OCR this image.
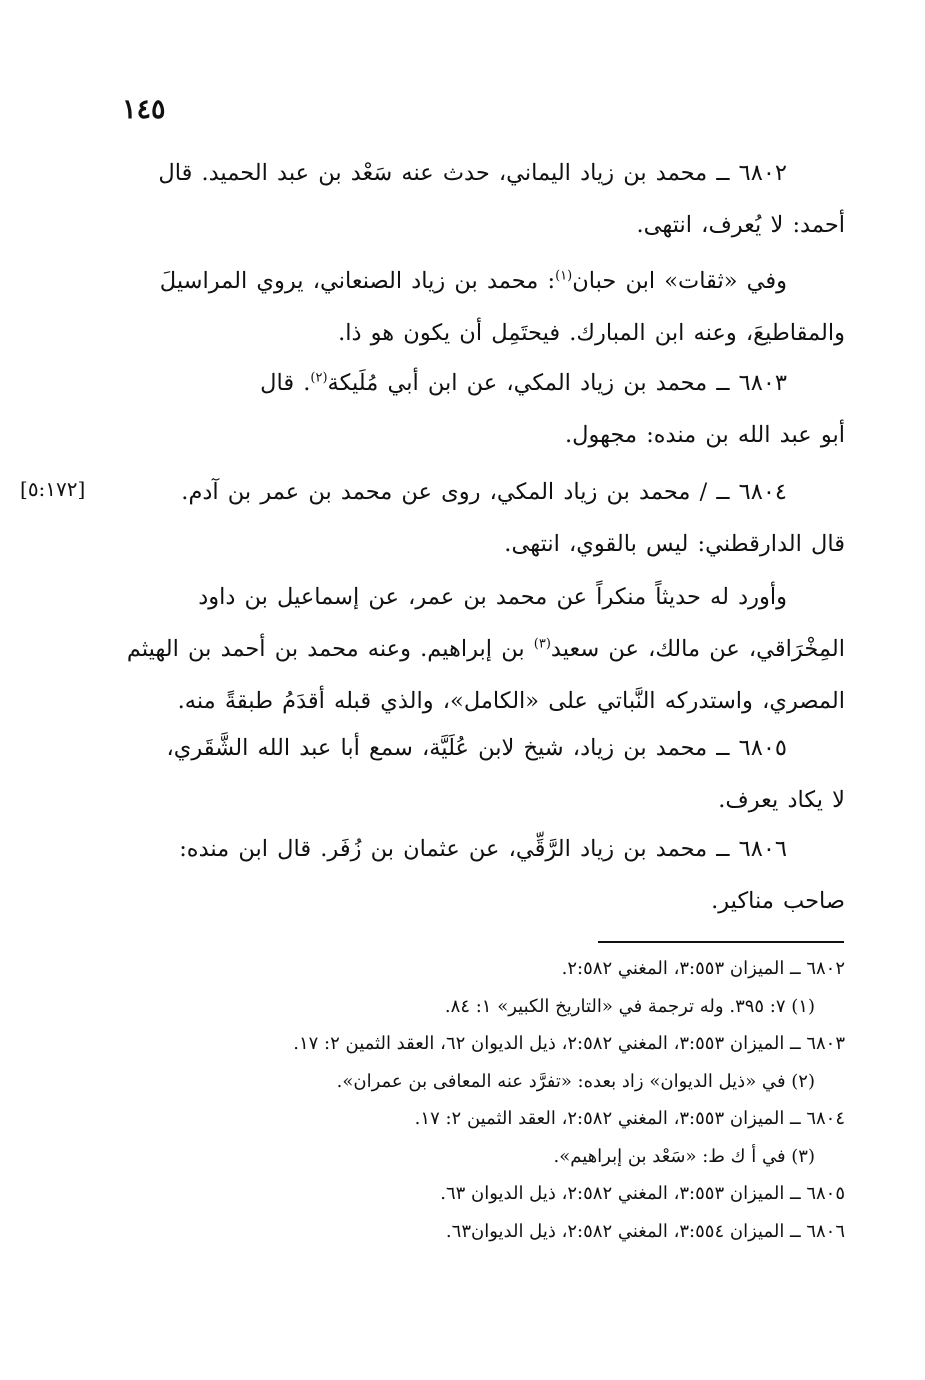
١٤٥
٦٨٠٢ ــ محمد بن زياد اليماني، حدث عنه سَعْد بن عبد الحميد. قال
أحمد: لا يُعرف، انتهى.
وفي «ثقات» ابن حبان$^{(١)}$: محمد بن زياد الصنعاني، يروي المراسيلَ
والمقاطيعَ، وعنه ابن المبارك. فيحتَمِل أن يكون هو ذا.
٦٨٠٣ ــ محمد بن زياد المكي، عن ابن أبي مُلَيكة$^{(٢)}$. قال
أبو عبد الله بن منده: مجهول.
٦٨٠٤ ــ / محمد بن زياد المكي، روى عن محمد بن عمر بن آدم.
قال الدارقطني: ليس بالقوي، انتهى.
[٥:١٧٢]
وأورد له حديثاً منكراً عن محمد بن عمر، عن إسماعيل بن داود
المِخْرَاقي، عن مالك، عن سعيد$^{(٣)}$ بن إبراهيم. وعنه محمد بن أحمد بن الهيثم
المصري، واستدركه النَّباتي على «الكامل»، والذي قبله أقدَمُ طبقةً منه.
٦٨٠٥ ــ محمد بن زياد، شيخ لابن عُلَيَّة، سمع أبا عبد الله الشَّقَري،
لا يكاد يعرف.
٦٨٠٦ ــ محمد بن زياد الرَّقِّي، عن عثمان بن زُفَر. قال ابن منده:
صاحب مناكير.
٦٨٠٢ ــ الميزان ٣:٥٥٣، المغني ٢:٥٨٢.
(١) ٧: ٣٩٥. وله ترجمة في «التاريخ الكبير» ١: ٨٤.
٦٨٠٣ ــ الميزان ٣:٥٥٣، المغني ٢:٥٨٢، ذيل الديوان ٦٢، العقد الثمين ٢: ١٧.
(٢) في «ذيل الديوان» زاد بعده: «تفرَّد عنه المعافى بن عمران».
٦٨٠٤ ــ الميزان ٣:٥٥٣، المغني ٢:٥٨٢، العقد الثمين ٢: ١٧.
(٣) في أ ك ط: «سَعْد بن إبراهيم».
٦٨٠٥ ــ الميزان ٣:٥٥٣، المغني ٢:٥٨٢، ذيل الديوان ٦٣.
٦٨٠٦ ــ الميزان ٣:٥٥٤، المغني ٢:٥٨٢، ذيل الديوان٦٣.
